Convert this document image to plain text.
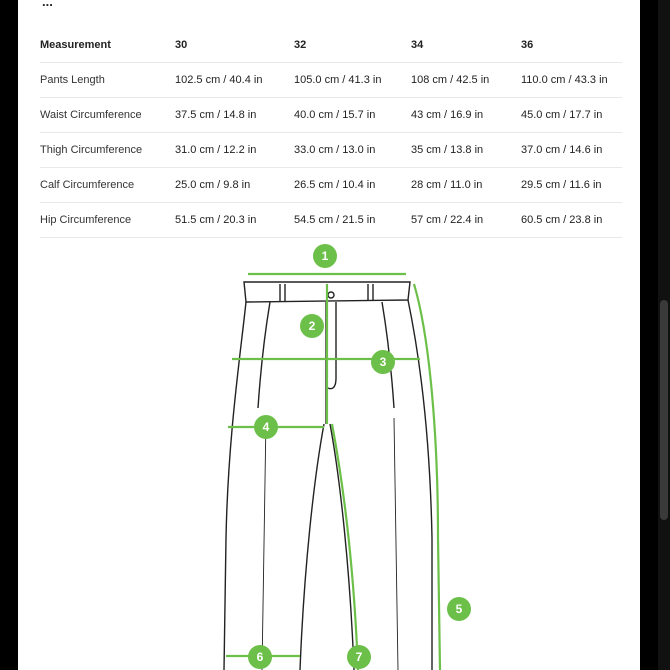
...
Measurement	30	32	34	36
Pants Length	102.5 cm / 40.4 in	105.0 cm / 41.3 in	108 cm / 42.5 in	110.0 cm / 43.3 in
Waist Circumference	37.5 cm / 14.8 in	40.0 cm / 15.7 in	43 cm / 16.9 in	45.0 cm / 17.7 in
Thigh Circumference	31.0 cm / 12.2 in	33.0 cm / 13.0 in	35 cm / 13.8 in	37.0 cm / 14.6 in
Calf Circumference	25.0 cm / 9.8 in	26.5 cm / 10.4 in	28 cm / 11.0 in	29.5 cm / 11.6 in
Hip Circumference	51.5 cm / 20.3 in	54.5 cm / 21.5 in	57 cm / 22.4 in	60.5 cm / 23.8 in
1
2
3
4
5
6	7
